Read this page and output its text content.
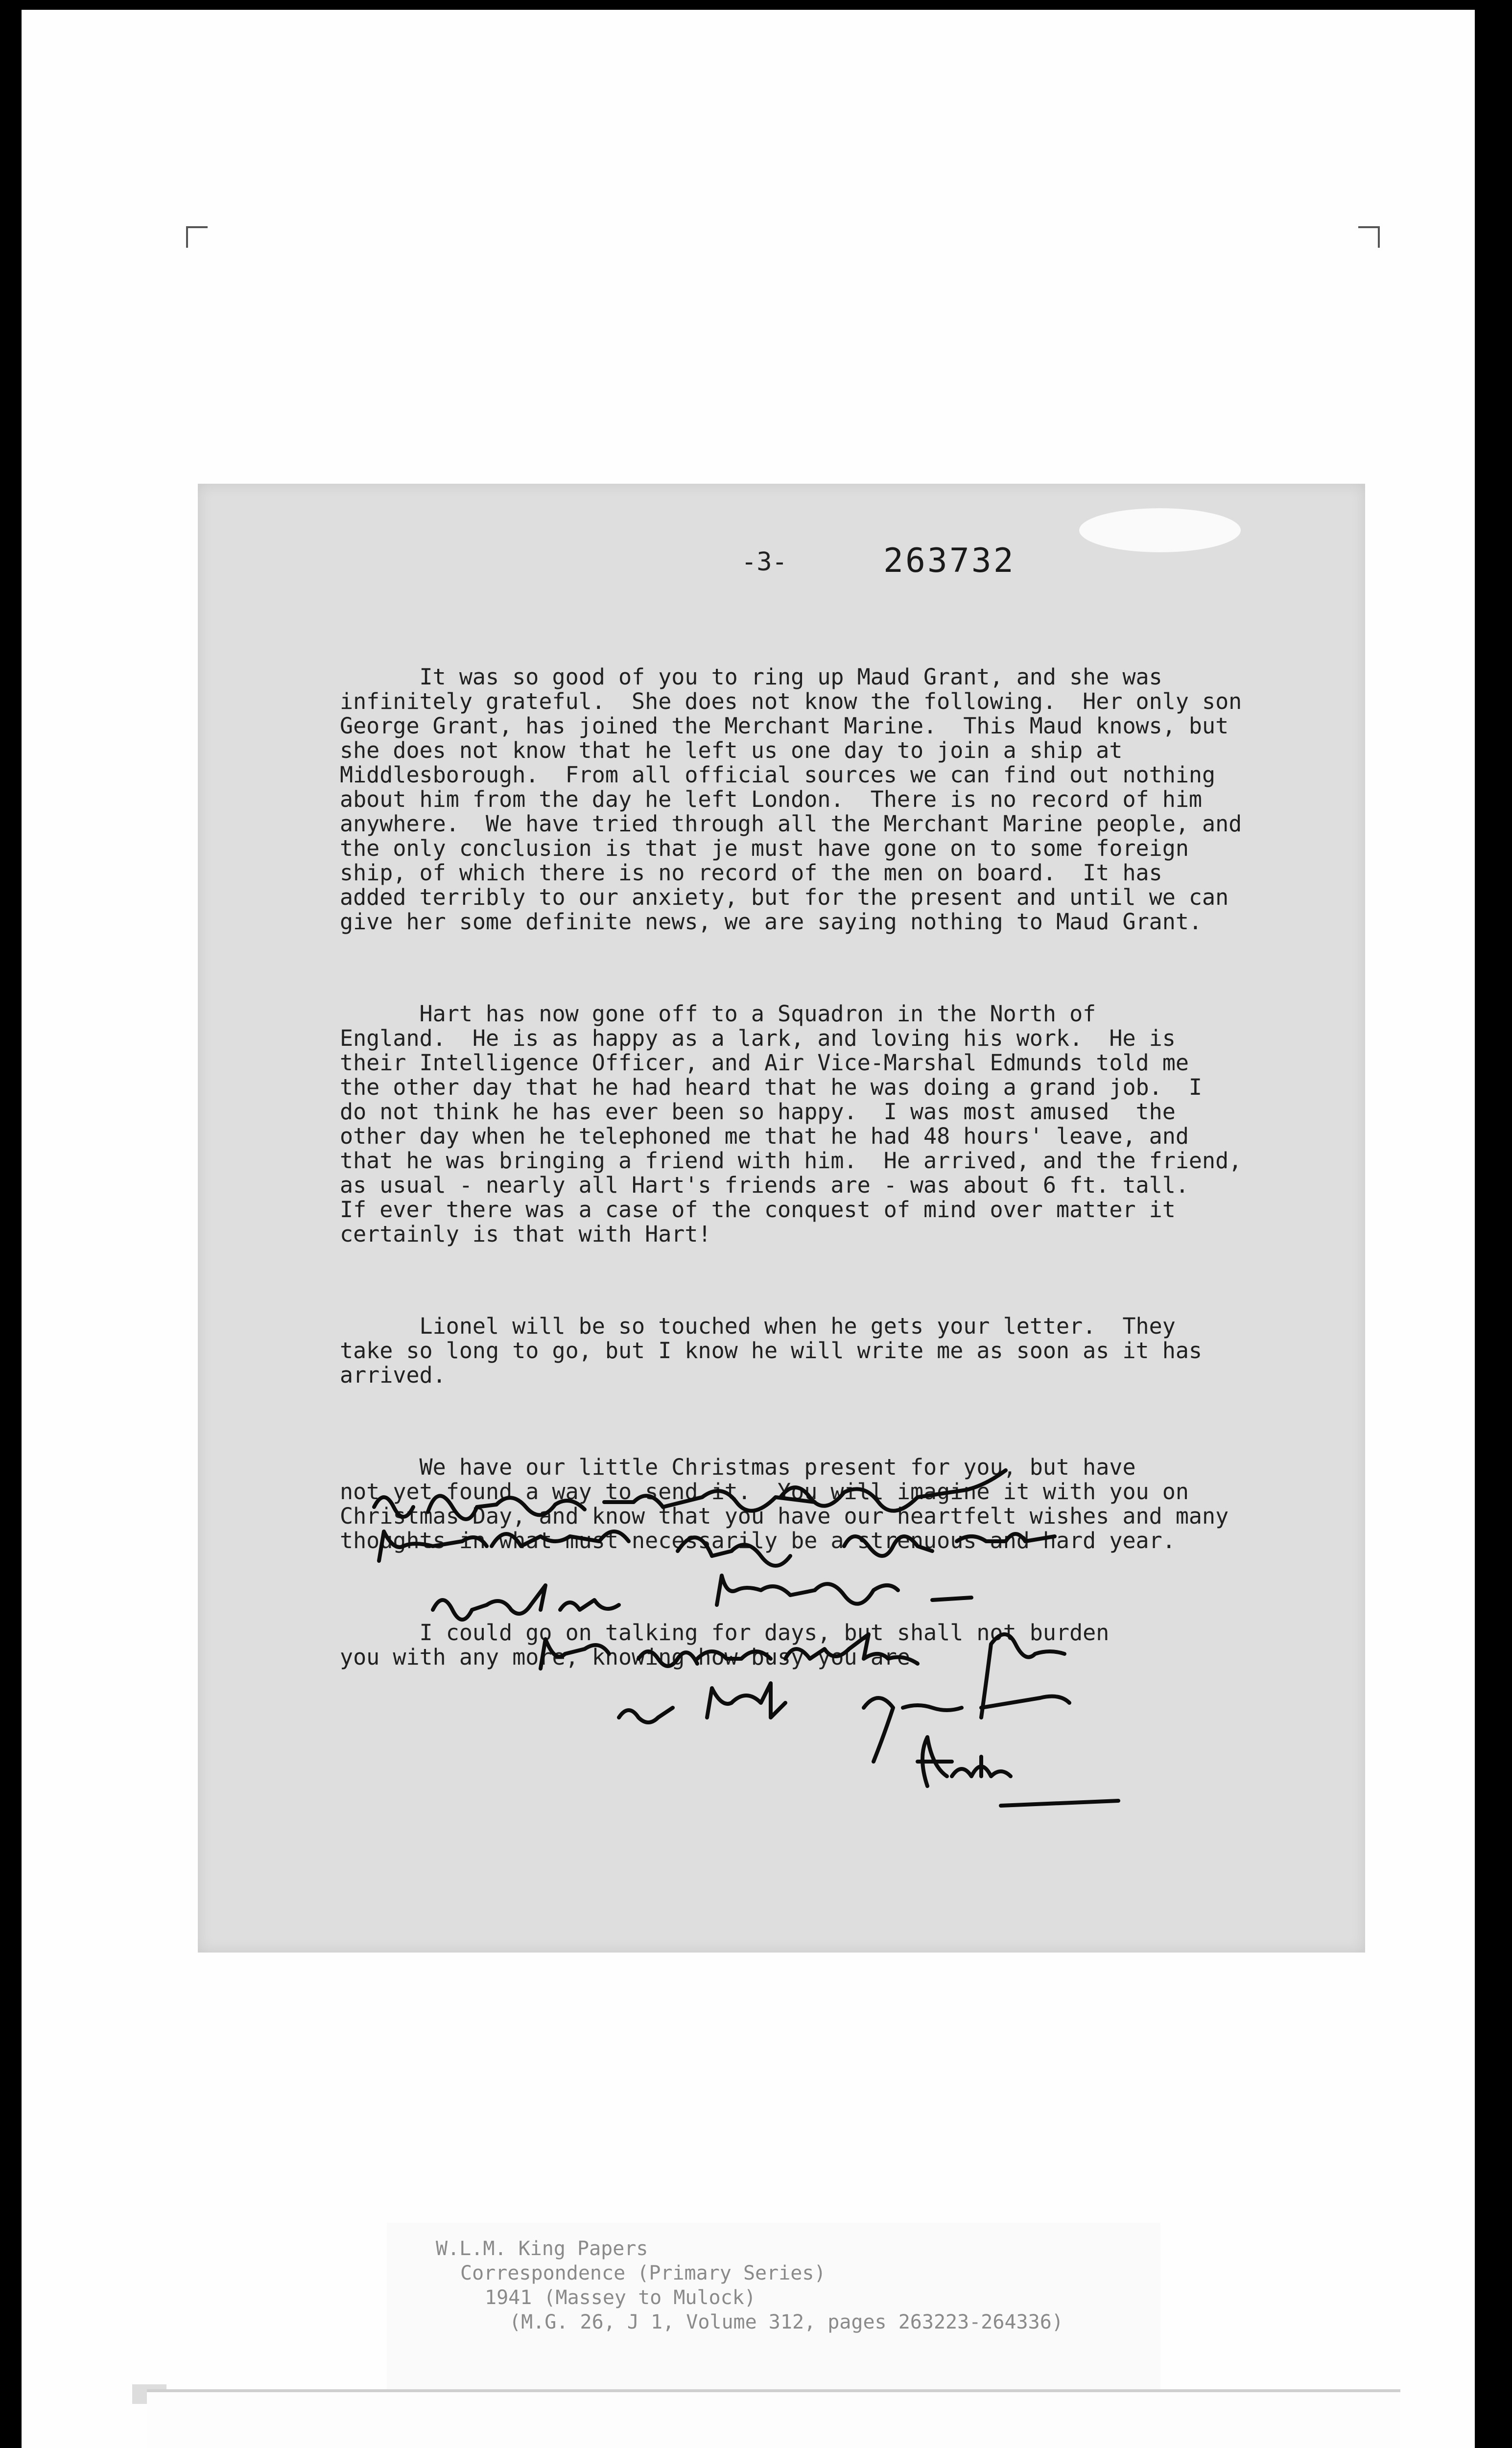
-3-	263732

It was so good of you to ring up Maud Grant, and she was
infinitely grateful.  She does not know the following.  Her only son
George Grant, has joined the Merchant Marine.  This Maud knows, but
she does not know that he left us one day to join a ship at
Middlesborough.  From all official sources we can find out nothing
about him from the day he left London.  There is no record of him
anywhere.  We have tried through all the Merchant Marine people, and
the only conclusion is that je must have gone on to some foreign
ship, of which there is no record of the men on board.  It has
added terribly to our anxiety, but for the present and until we can
give her some definite news, we are saying nothing to Maud Grant.

Hart has now gone off to a Squadron in the North of
England.  He is as happy as a lark, and loving his work.  He is
their Intelligence Officer, and Air Vice-Marshal Edmunds told me
the other day that he had heard that he was doing a grand job.  I
do not think he has ever been so happy.  I was most amused  the
other day when he telephoned me that he had 48 hours' leave, and
that he was bringing a friend with him.  He arrived, and the friend,
as usual - nearly all Hart's friends are - was about 6 ft. tall.
If ever there was a case of the conquest of mind over matter it
certainly is that with Hart!

Lionel will be so touched when he gets your letter.  They
take so long to go, but I know he will write me as soon as it has
arrived.

We have our little Christmas present for you, but have
not yet found a way to send it.  You will imagine it with you on
Christmas Day, and know that you have our heartfelt wishes and many
thoughts in what must necessarily be a strenuous and hard year.

I could go on talking for days, but shall not burden
you with any more, knowing how busy you are.

W.L.M. King Papers
Correspondence (Primary Series)
1941 (Massey to Mulock)
(M.G. 26, J 1, Volume 312, pages 263223-264336)
